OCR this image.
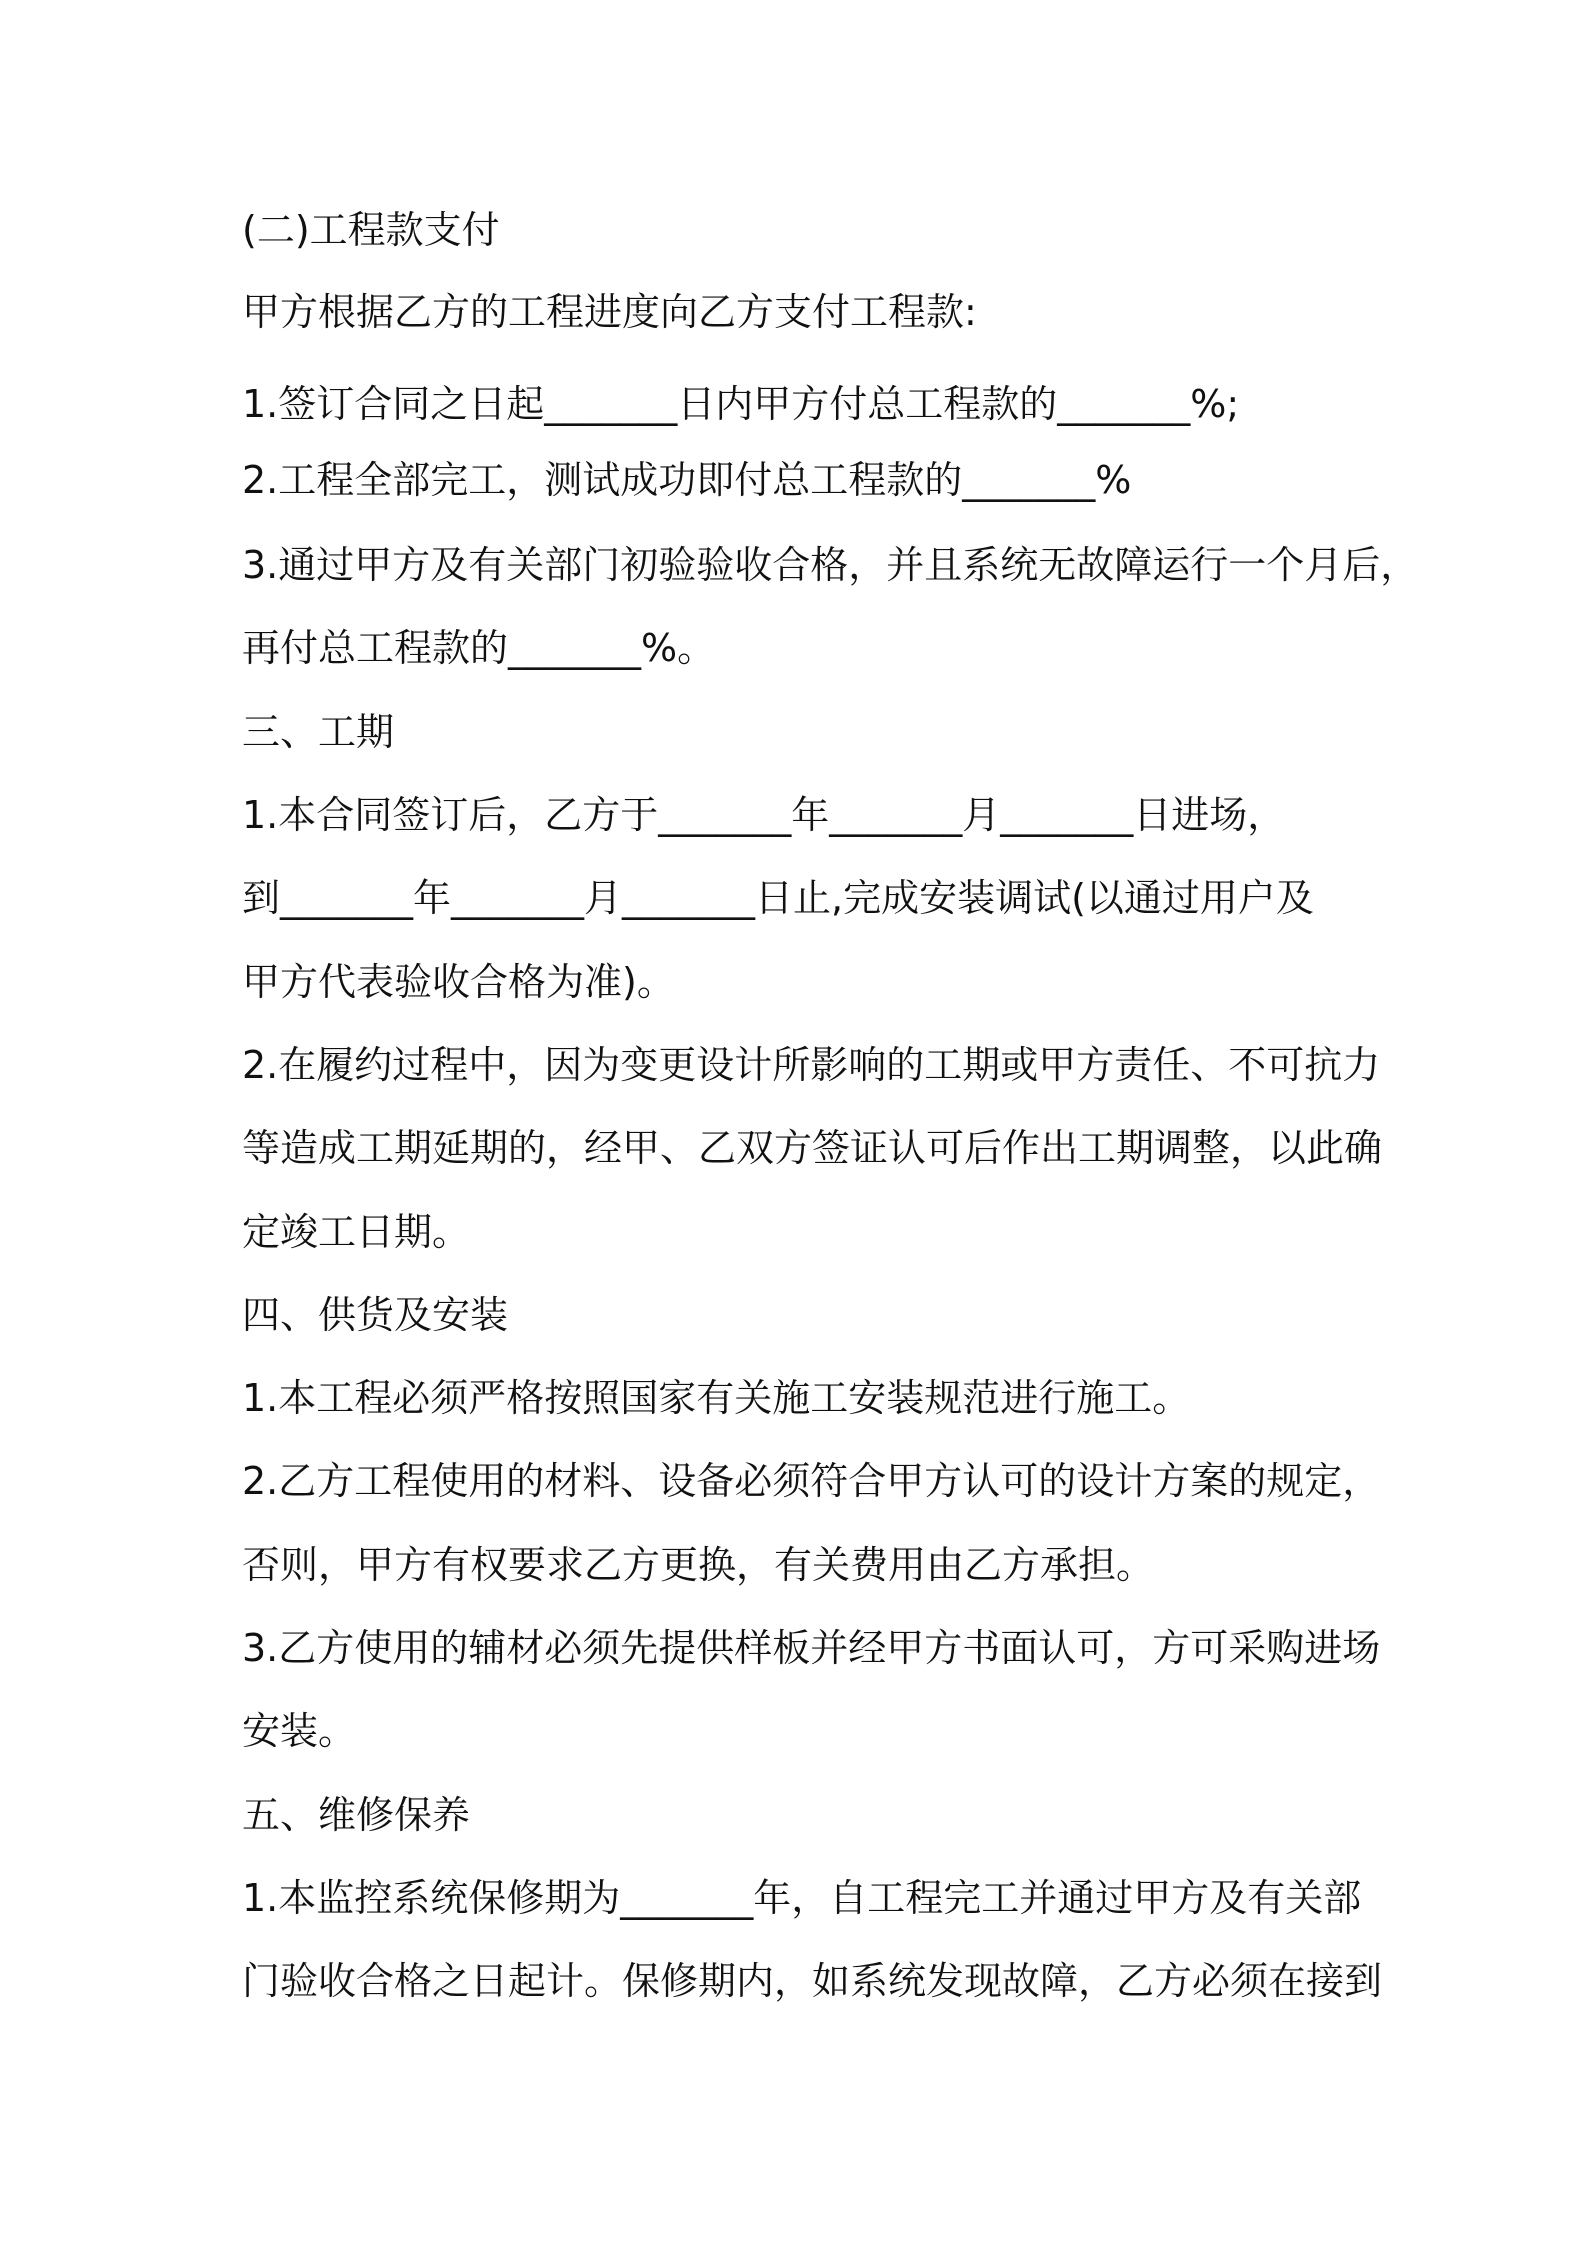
(二)工程款支付
甲方根据乙方的工程进度向乙方支付工程款:
1.签订合同之日起_______日内甲方付总工程款的_______%;
2.工程全部完工，测试成功即付总工程款的_______%
3.通过甲方及有关部门初验验收合格，并且系统无故障运行一个月后，
再付总工程款的_______%。
三、工期
1.本合同签订后，乙方于_______年_______月_______日进场，
到_______年_______月_______日止,完成安装调试(以通过用户及
甲方代表验收合格为准)。
2.在履约过程中，因为变更设计所影响的工期或甲方责任、不可抗力
等造成工期延期的，经甲、乙双方签证认可后作出工期调整，以此确
定竣工日期。
四、供货及安装
1.本工程必须严格按照国家有关施工安装规范进行施工。
2.乙方工程使用的材料、设备必须符合甲方认可的设计方案的规定，
否则，甲方有权要求乙方更换，有关费用由乙方承担。
3.乙方使用的辅材必须先提供样板并经甲方书面认可，方可采购进场
安装。
五、维修保养
1.本监控系统保修期为_______年，自工程完工并通过甲方及有关部
门验收合格之日起计。保修期内，如系统发现故障，乙方必须在接到
